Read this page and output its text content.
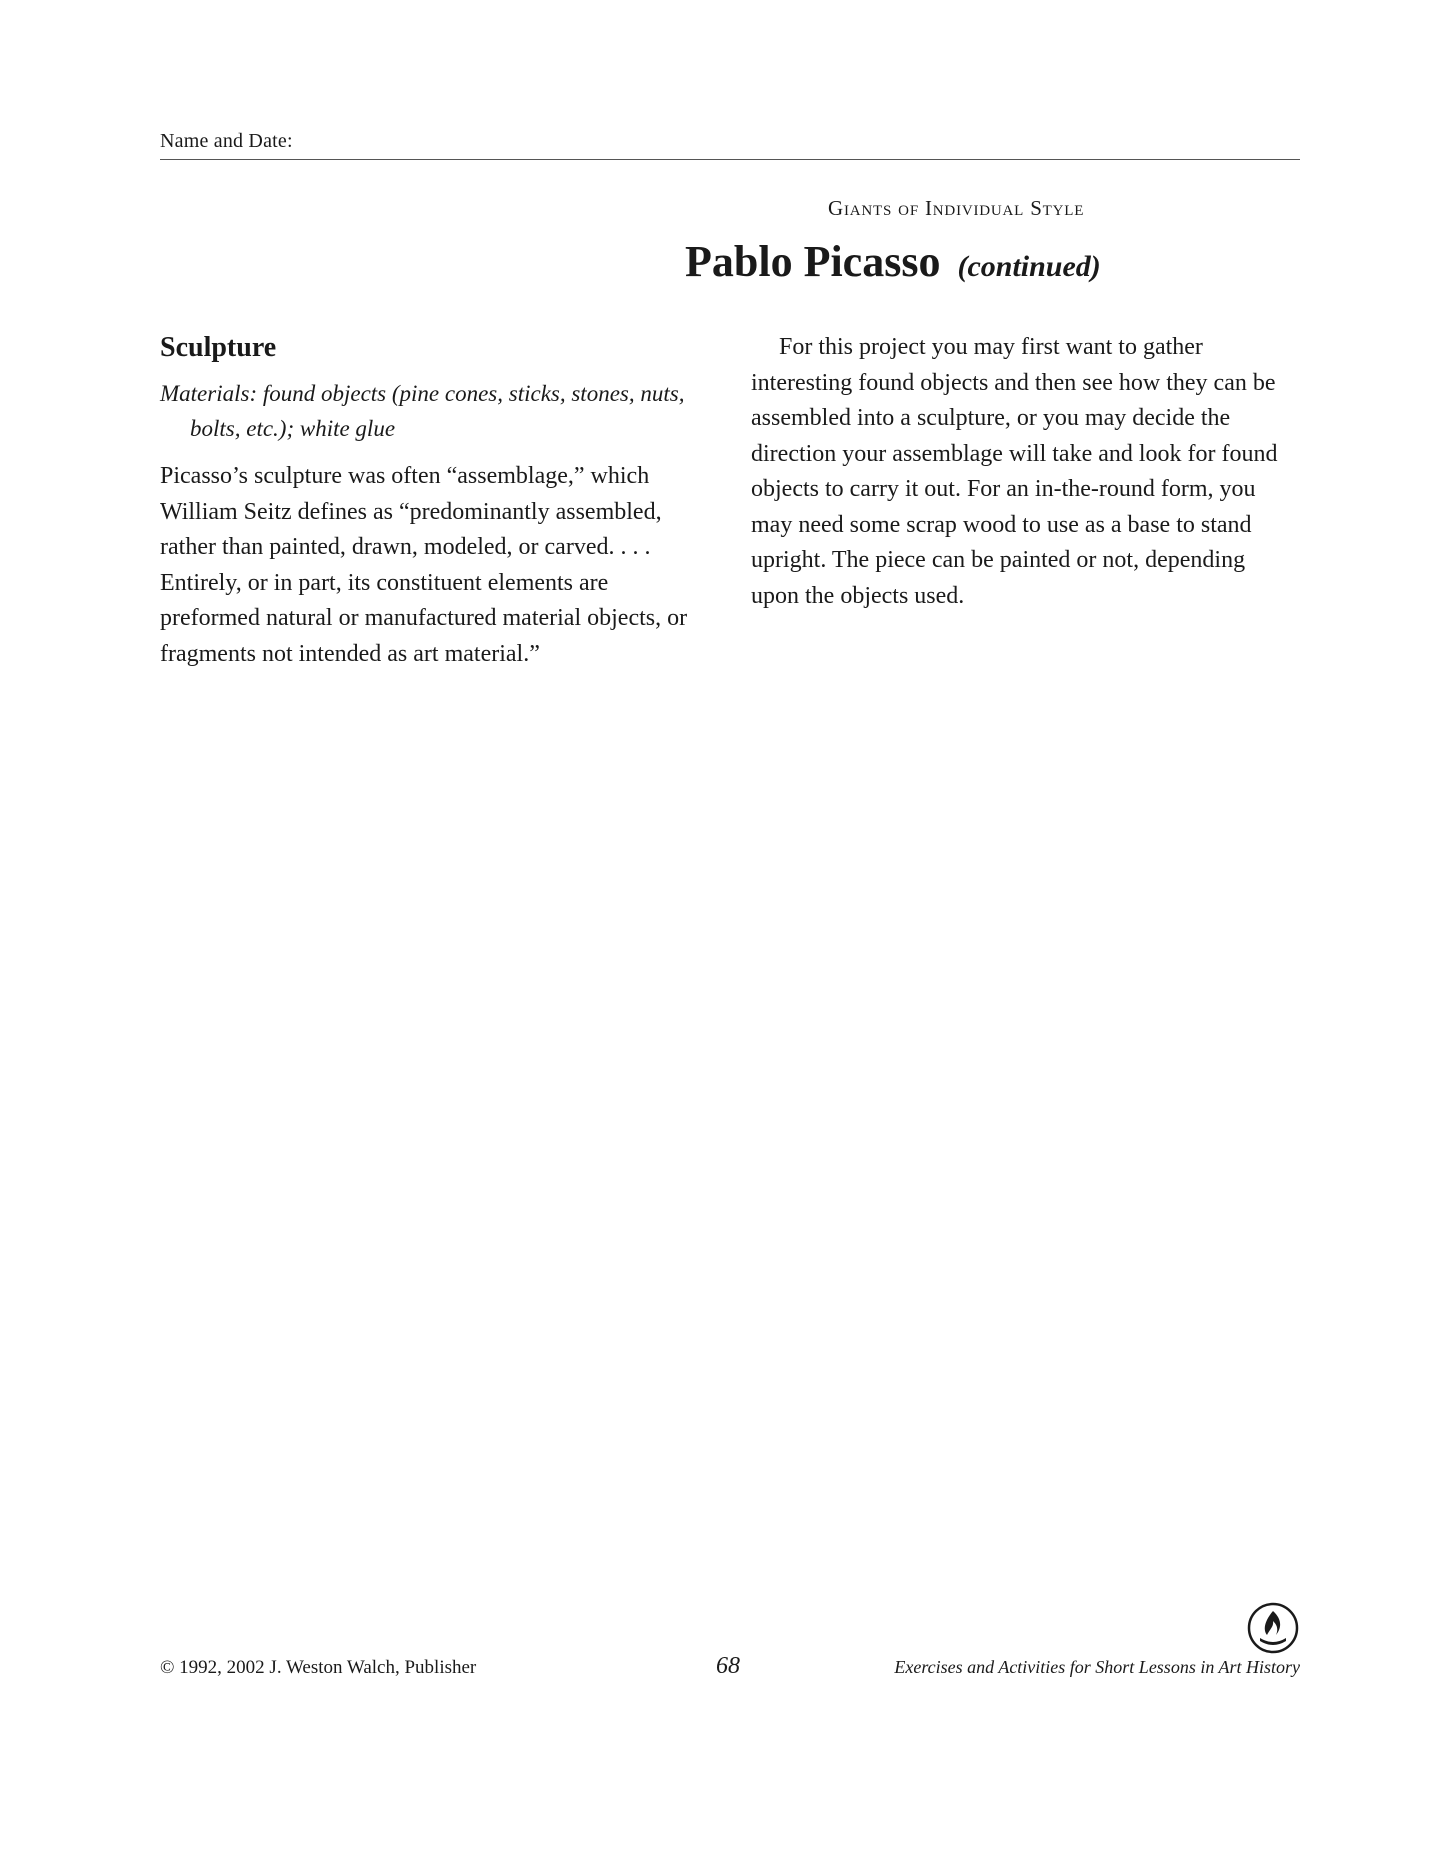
Name and Date:
Giants of Individual Style
Pablo Picasso (continued)
Sculpture

Materials: found objects (pine cones, sticks, stones, nuts, bolts, etc.); white glue

Picasso’s sculpture was often “assemblage,” which William Seitz defines as “predominantly assembled, rather than painted, drawn, modeled, or carved. . . . Entirely, or in part, its constituent elements are preformed natural or manufactured material objects, or fragments not intended as art material.”

For this project you may first want to gather interesting found objects and then see how they can be assembled into a sculpture, or you may decide the direction your assemblage will take and look for found objects to carry it out. For an in-the-round form, you may need some scrap wood to use as a base to stand upright. The piece can be painted or not, depending upon the objects used.

© 1992, 2002 J. Weston Walch, Publisher	68	Exercises and Activities for Short Lessons in Art History
